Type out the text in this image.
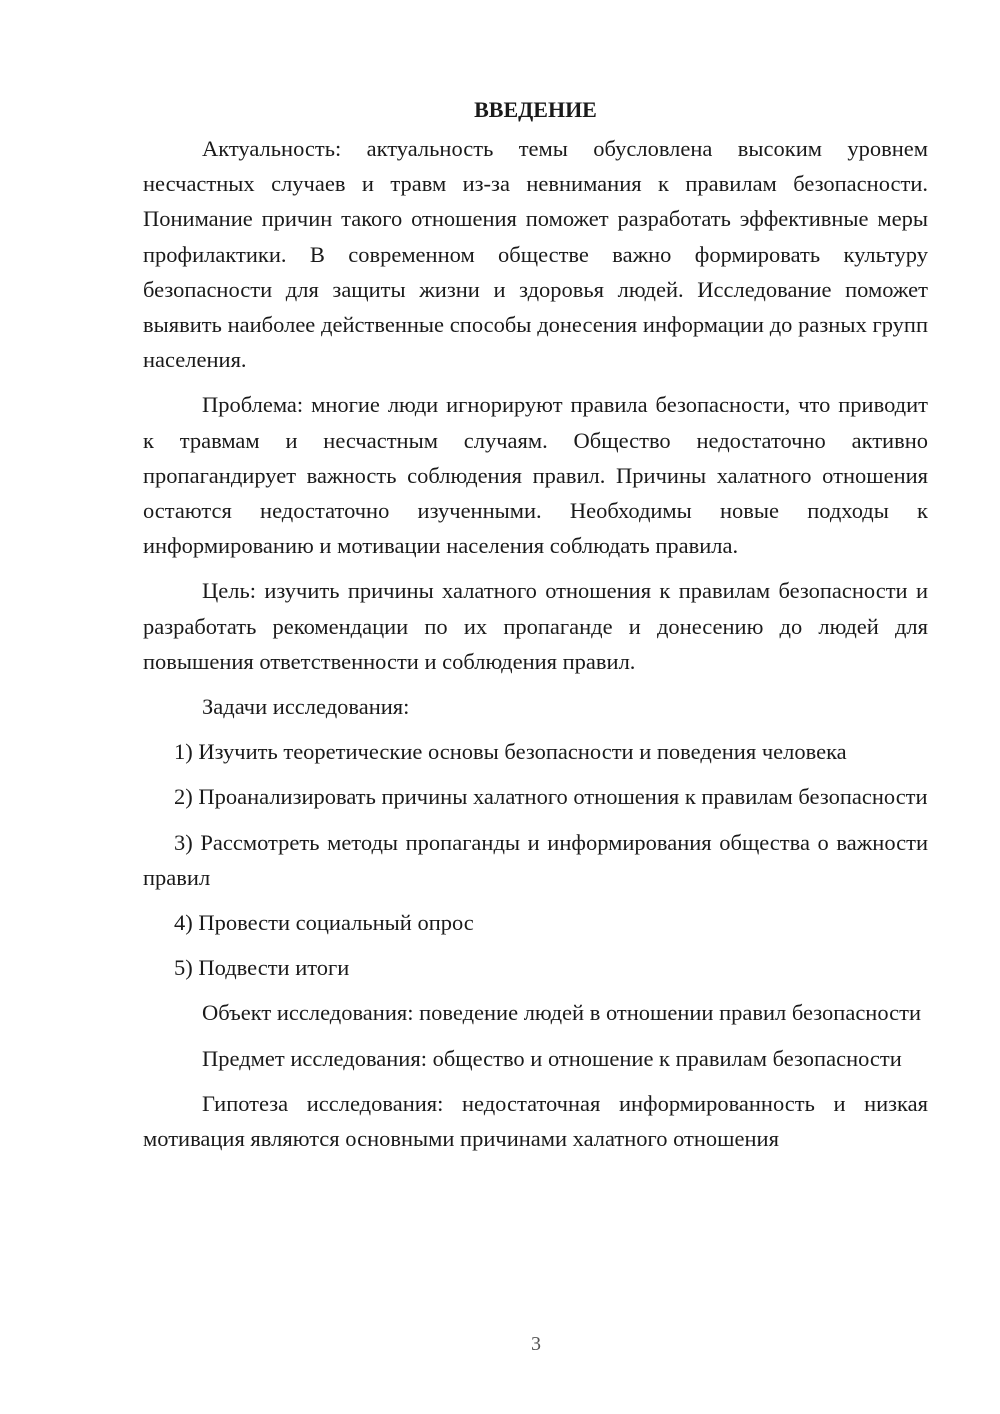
ВВЕДЕНИЕ

Актуальность: актуальность темы обусловлена высоким уровнем несчастных случаев и травм из-за невнимания к правилам безопасности. Понимание причин такого отношения поможет разработать эффективные меры профилактики. В современном обществе важно формировать культуру безопасности для защиты жизни и здоровья людей. Исследование поможет выявить наиболее действенные способы донесения информации до разных групп населения.

Проблема: многие люди игнорируют правила безопасности, что приводит к травмам и несчастным случаям. Общество недостаточно активно пропагандирует важность соблюдения правил. Причины халатного отношения остаются недостаточно изученными. Необходимы новые подходы к информированию и мотивации населения соблюдать правила.

Цель: изучить причины халатного отношения к правилам безопасности и разработать рекомендации по их пропаганде и донесению до людей для повышения ответственности и соблюдения правил.

Задачи исследования:

1) Изучить теоретические основы безопасности и поведения человека

2) Проанализировать причины халатного отношения к правилам безопасности

3) Рассмотреть методы пропаганды и информирования общества о важности правил

4) Провести социальный опрос

5) Подвести итоги

Объект исследования: поведение людей в отношении правил безопасности

Предмет исследования: общество и отношение к правилам безопасности

Гипотеза исследования: недостаточная информированность и низкая мотивация являются основными причинами халатного отношения

3
